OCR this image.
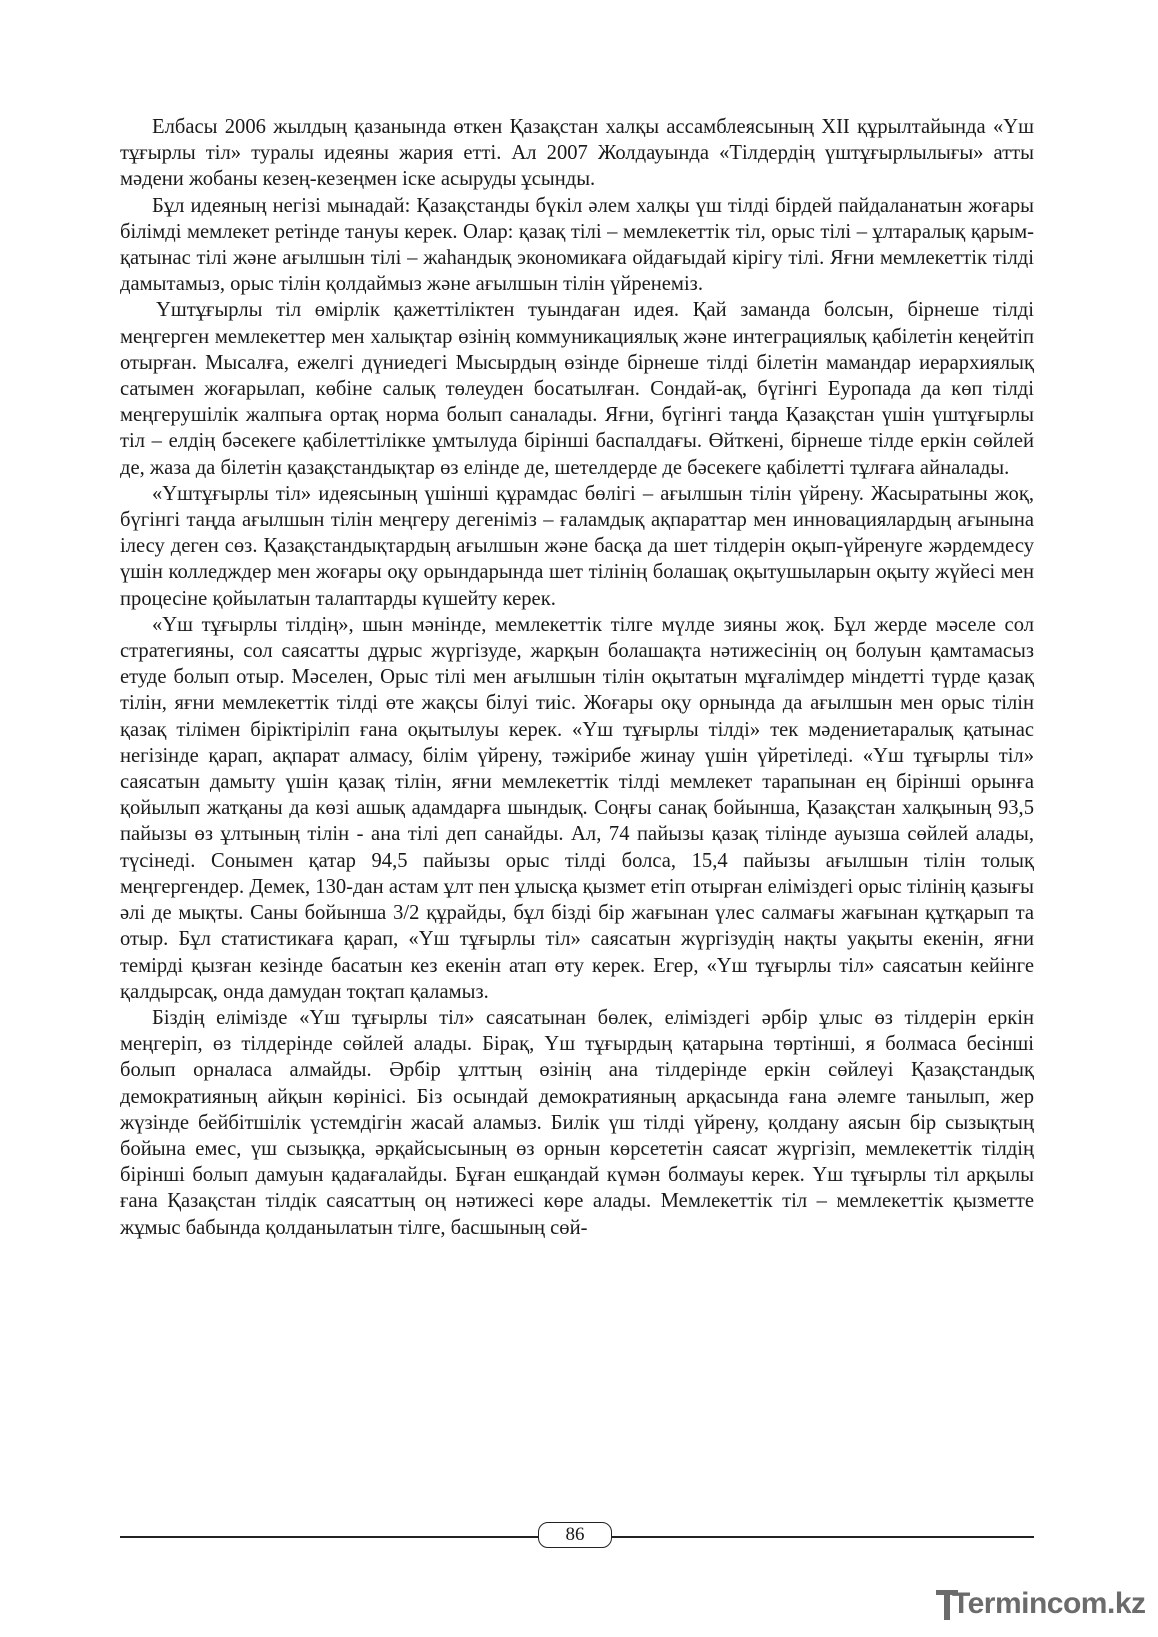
Елбасы 2006 жылдың қазанында өткен Қазақстан халқы ассамблеясының XII құрылтайында «Үш тұғырлы тіл» туралы идеяны жария етті. Ал 2007 Жолдауында «Тілдердің үштұғырлылығы» атты мәдени жобаны кезең-кезеңмен іске асыруды ұсынды.

Бұл идеяның негізі мынадай: Қазақстанды бүкіл әлем халқы үш тілді бірдей пайдаланатын жоғары білімді мемлекет ретінде тануы керек. Олар: қазақ тілі – мемлекеттік тіл, орыс тілі – ұлтаралық қарым-қатынас тілі және ағылшын тілі – жаһандық экономикаға ойдағыдай кірігу тілі. Яғни мемлекеттік тілді дамытамыз, орыс тілін қолдаймыз және ағылшын тілін үйренеміз.

Үштұғырлы тіл өмірлік қажеттіліктен туындаған идея. Қай заманда болсын, бірнеше тілді меңгерген мемлекеттер мен халықтар өзінің коммуникациялық және интеграциялық қабілетін кеңейтіп отырған. Мысалға, ежелгі дүниедегі Мысырдың өзінде бірнеше тілді білетін мамандар иерархиялық сатымен жоғарылап, көбіне салық төлеуден босатылған. Сондай-ақ, бүгінгі Еуропада да көп тілді меңгерушілік жалпыға ортақ норма болып саналады. Яғни, бүгінгі таңда Қазақстан үшін үштұғырлы тіл – елдің бәсекеге қабілеттілікке ұмтылуда бірінші баспалдағы. Өйткені, бірнеше тілде еркін сөйлей де, жаза да білетін қазақстандықтар өз елінде де, шетелдерде де бәсекеге қабілетті тұлғаға айналады.

«Үштұғырлы тіл» идеясының үшінші құрамдас бөлігі – ағылшын тілін үйрену. Жасыратыны жоқ, бүгінгі таңда ағылшын тілін меңгеру дегеніміз – ғаламдық ақпараттар мен инновациялардың ағынына ілесу деген сөз. Қазақстандықтардың ағылшын және басқа да шет тілдерін оқып-үйренуге жәрдемдесу үшін колледждер мен жоғары оқу орындарында шет тілінің болашақ оқытушыларын оқыту жүйесі мен процесіне қойылатын талаптарды күшейту керек.

«Үш тұғырлы тілдің», шын мәнінде, мемлекеттік тілге мүлде зияны жоқ. Бұл жерде мәселе сол стратегияны, сол саясатты дұрыс жүргізуде, жарқын болашақта нәтижесінің оң болуын қамтамасыз етуде болып отыр. Мәселен, Орыс тілі мен ағылшын тілін оқытатын мұғалімдер міндетті түрде қазақ тілін, яғни мемлекеттік тілді өте жақсы білуі тиіс. Жоғары оқу орнында да ағылшын мен орыс тілін қазақ тілімен біріктіріліп ғана оқытылуы керек. «Үш тұғырлы тілді» тек мәдениетаралық қатынас негізінде қарап, ақпарат алмасу, білім үйрену, тәжірибе жинау үшін үйретіледі. «Үш тұғырлы тіл» саясатын дамыту үшін қазақ тілін, яғни мемлекеттік тілді мемлекет тарапынан ең бірінші орынға қойылып жатқаны да көзі ашық адамдарға шындық. Соңғы санақ бойынша, Қазақстан халқының 93,5 пайызы өз ұлтының тілін - ана тілі деп санайды. Ал, 74 пайызы қазақ тілінде ауызша сөйлей алады, түсінеді. Сонымен қатар 94,5 пайызы орыс тілді болса, 15,4 пайызы ағылшын тілін толық меңгергендер. Демек, 130-дан астам ұлт пен ұлысқа қызмет етіп отырған еліміздегі орыс тілінің қазығы әлі де мықты. Саны бойынша 3/2 құрайды, бұл бізді бір жағынан үлес салмағы жағынан құтқарып та отыр. Бұл статистикаға қарап, «Үш тұғырлы тіл» саясатын жүргізудің нақты уақыты екенін, яғни темірді қызған кезінде басатын кез екенін атап өту керек. Егер, «Үш тұғырлы тіл» саясатын кейінге қалдырсақ, онда дамудан тоқтап қаламыз.

Біздің елімізде «Үш тұғырлы тіл» саясатынан бөлек, еліміздегі әрбір ұлыс өз тілдерін еркін меңгеріп, өз тілдерінде сөйлей алады. Бірақ, Үш тұғырдың қатарына төртінші, я болмаса бесінші болып орналаса алмайды. Әрбір ұлттың өзінің ана тілдерінде еркін сөйлеуі Қазақстандық демократияның айқын көрінісі. Біз осындай демократияның арқасында ғана әлемге танылып, жер жүзінде бейбітшілік үстемдігін жасай аламыз. Билік үш тілді үйрену, қолдану аясын бір сызықтың бойына емес, үш сызыққа, әрқайсысының өз орнын көрсететін саясат жүргізіп, мемлекеттік тілдің бірінші болып дамуын қадағалайды. Бұған ешқандай күмән болмауы керек. Үш тұғырлы тіл арқылы ғана Қазақстан тілдік саясаттың оң нәтижесі көре алады. Мемлекеттік тіл – мемлекеттік қызметте жұмыс бабында қолданылатын тілге, басшының сөй-

86
Termincom.kz
